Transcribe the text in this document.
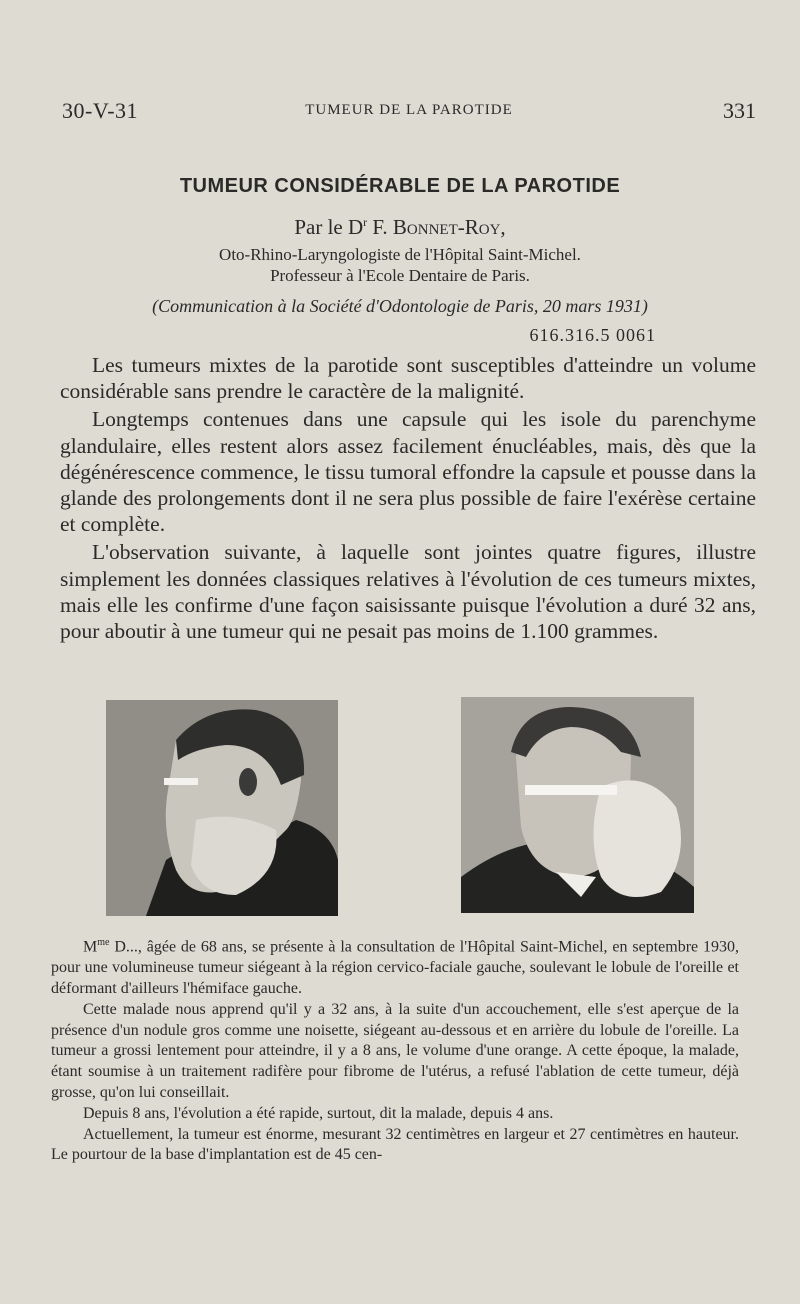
30-V-31	TUMEUR DE LA PAROTIDE	331
TUMEUR CONSIDÉRABLE DE LA PAROTIDE
Par le $D^r$ F. Bonnet-Roy,
Oto-Rhino-Laryngologiste de l'Hôpital Saint-Michel.
Professeur à l'Ecole Dentaire de Paris.
(Communication à la Société d'Odontologie de Paris, 20 mars 1931)
616.316.5 0061

Les tumeurs mixtes de la parotide sont susceptibles d'atteindre un volume considérable sans prendre le caractère de la malignité.

Longtemps contenues dans une capsule qui les isole du parenchyme glandulaire, elles restent alors assez facilement énucléables, mais, dès que la dégénérescence commence, le tissu tumoral effondre la capsule et pousse dans la glande des prolongements dont il ne sera plus possible de faire l'exérèse certaine et complète.

L'observation suivante, à laquelle sont jointes quatre figures, illustre simplement les données classiques relatives à l'évolution de ces tumeurs mixtes, mais elle les confirme d'une façon saisissante puisque l'évolution a duré 32 ans, pour aboutir à une tumeur qui ne pesait pas moins de 1.100 grammes.

$M^{me}$ D..., âgée de 68 ans, se présente à la consultation de l'Hôpital Saint-Michel, en septembre 1930, pour une volumineuse tumeur siégeant à la région cervico-faciale gauche, soulevant le lobule de l'oreille et déformant d'ailleurs l'hémiface gauche.

Cette malade nous apprend qu'il y a 32 ans, à la suite d'un accouchement, elle s'est aperçue de la présence d'un nodule gros comme une noisette, siégeant au-dessous et en arrière du lobule de l'oreille. La tumeur a grossi lentement pour atteindre, il y a 8 ans, le volume d'une orange. A cette époque, la malade, étant soumise à un traitement radifère pour fibrome de l'utérus, a refusé l'ablation de cette tumeur, déjà grosse, qu'on lui conseillait.

Depuis 8 ans, l'évolution a été rapide, surtout, dit la malade, depuis 4 ans.

Actuellement, la tumeur est énorme, mesurant 32 centimètres en largeur et 27 centimètres en hauteur. Le pourtour de la base d'implantation est de 45 cen-
